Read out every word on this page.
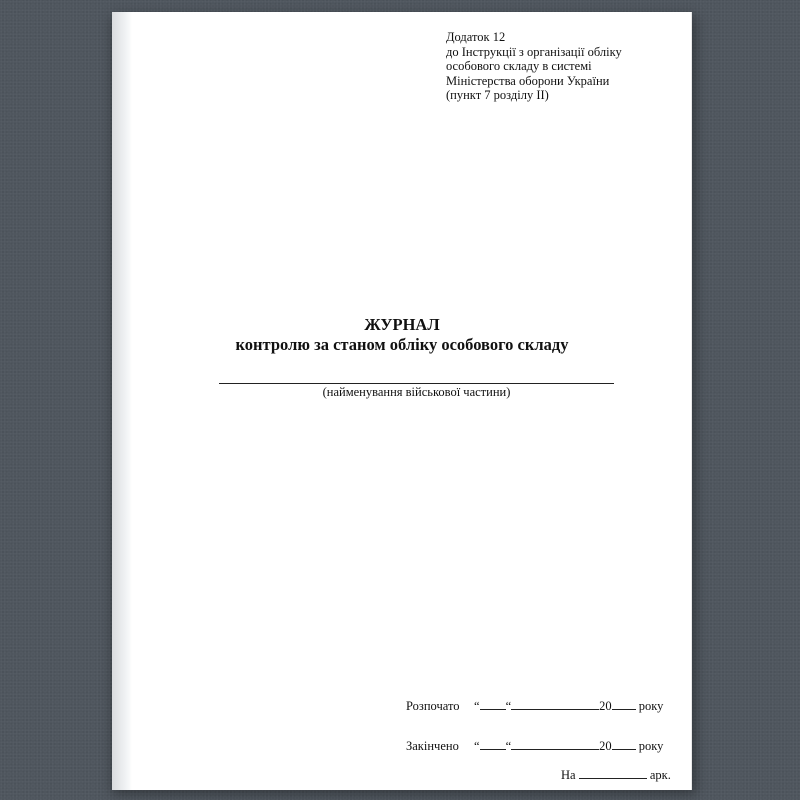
Додаток 12
до Інструкції з організації обліку
особового складу в системі
Міністерства оборони України
(пункт 7 розділу II)
ЖУРНАЛ
контролю за станом обліку особового складу
(найменування військової частини)
Розпочато “ “	20 року
Закінчено “ “	20 року
На	арк.
